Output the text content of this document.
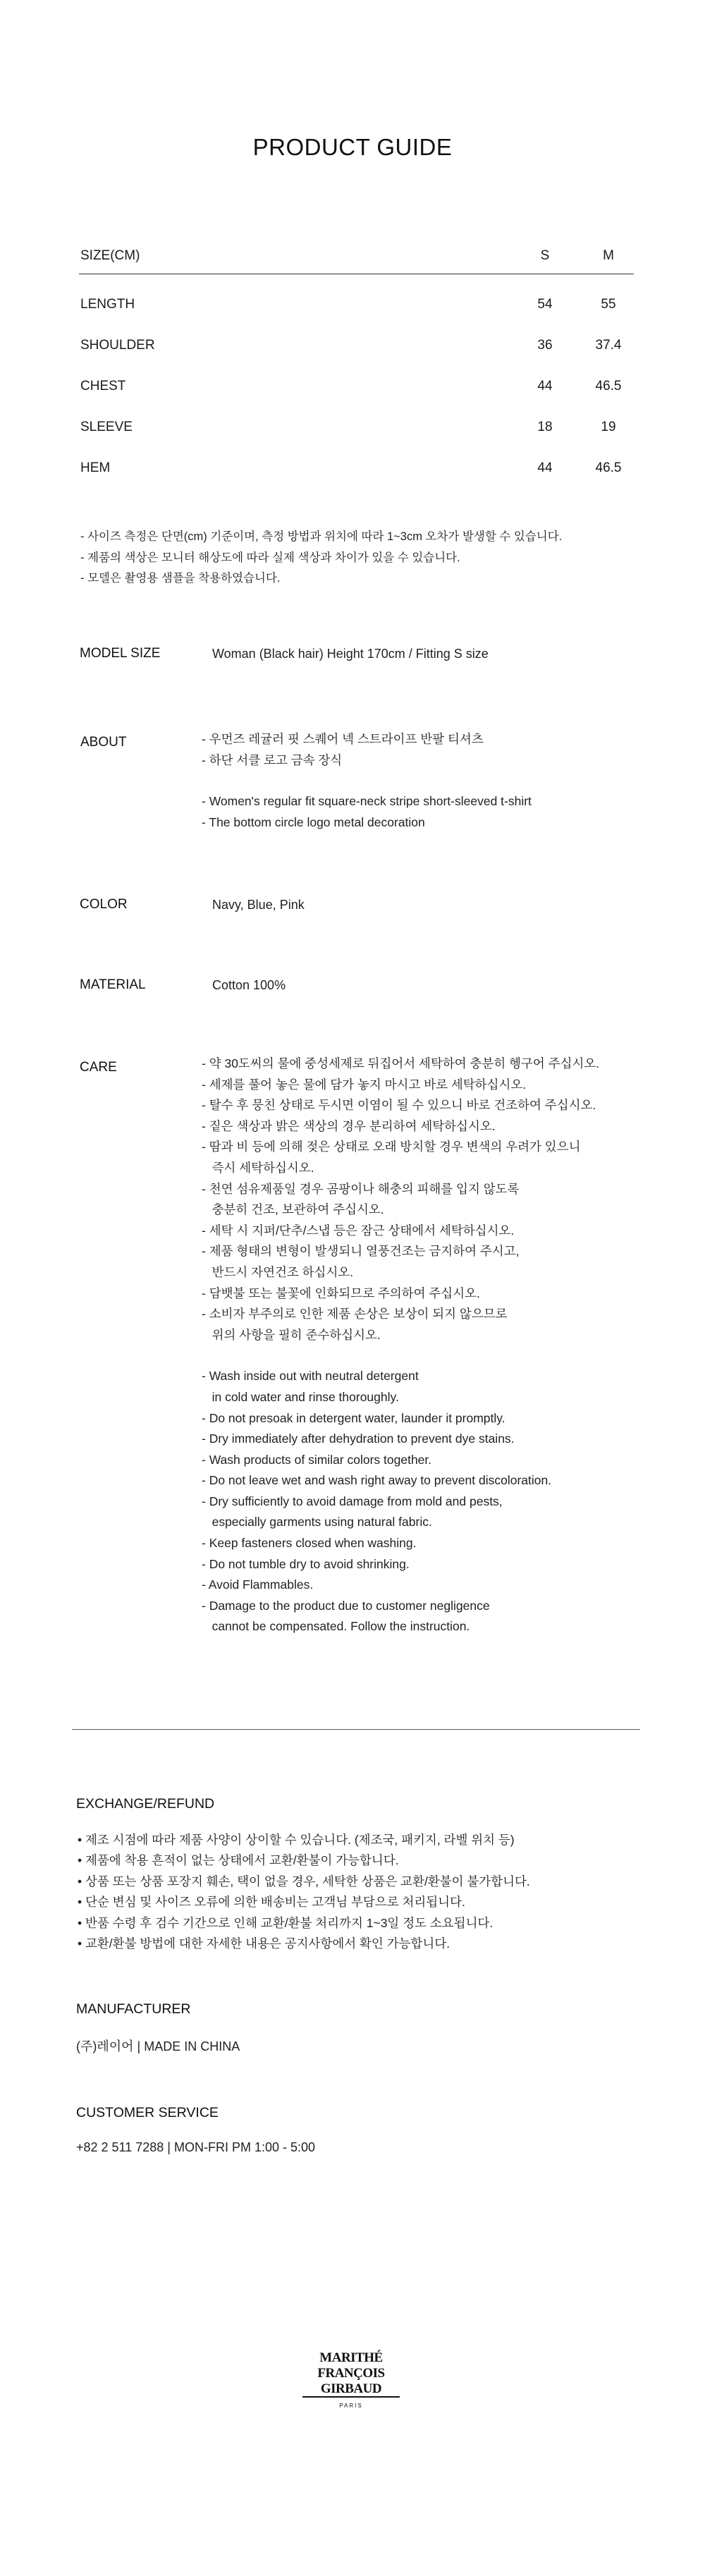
PRODUCT GUIDE
SIZE(CM)	S	M
LENGTH	54	55
SHOULDER	36	37.4
CHEST	44	46.5
SLEEVE	18	19
HEM	44	46.5
- 사이즈 측정은 단면(cm) 기준이며, 측정 방법과 위치에 따라 1~3cm 오차가 발생할 수 있습니다.
- 제품의 색상은 모니터 해상도에 따라 실제 색상과 차이가 있을 수 있습니다.
- 모델은 촬영용 샘플을 착용하였습니다.
MODEL SIZE	Woman (Black hair) Height 170cm / Fitting S size
ABOUT	- 우먼즈 레귤러 핏 스퀘어 넥 스트라이프 반팔 티셔츠
- 하단 서클 로고 금속 장식
- Women's regular fit square-neck stripe short-sleeved t-shirt
- The bottom circle logo metal decoration
COLOR	Navy, Blue, Pink
MATERIAL	Cotton 100%
CARE	- 약 30도씨의 물에 중성세제로 뒤집어서 세탁하여 충분히 헹구어 주십시오.
- 세제를 풀어 놓은 물에 담가 놓지 마시고 바로 세탁하십시오.
- 탈수 후 뭉친 상태로 두시면 이염이 될 수 있으니 바로 건조하여 주십시오.
- 짙은 색상과 밝은 색상의 경우 분리하여 세탁하십시오.
- 땀과 비 등에 의해 젖은 상태로 오래 방치할 경우 변색의 우려가 있으니
즉시 세탁하십시오.
- 천연 섬유제품일 경우 곰팡이나 해충의 피해를 입지 않도록
충분히 건조, 보관하여 주십시오.
- 세탁 시 지퍼/단추/스냅 등은 잠근 상태에서 세탁하십시오.
- 제품 형태의 변형이 발생되니 열풍건조는 금지하여 주시고,
반드시 자연건조 하십시오.
- 담뱃불 또는 불꽃에 인화되므로 주의하여 주십시오.
- 소비자 부주의로 인한 제품 손상은 보상이 되지 않으므로
위의 사항을 필히 준수하십시오.
- Wash inside out with neutral detergent
in cold water and rinse thoroughly.
- Do not presoak in detergent water, launder it promptly.
- Dry immediately after dehydration to prevent dye stains.
- Wash products of similar colors together.
- Do not leave wet and wash right away to prevent discoloration.
- Dry sufficiently to avoid damage from mold and pests,
especially garments using natural fabric.
- Keep fasteners closed when washing.
- Do not tumble dry to avoid shrinking.
- Avoid Flammables.
- Damage to the product due to customer negligence
cannot be compensated. Follow the instruction.
EXCHANGE/REFUND
• 제조 시점에 따라 제품 사양이 상이할 수 있습니다. (제조국, 패키지, 라벨 위치 등)
• 제품에 착용 흔적이 없는 상태에서 교환/환불이 가능합니다.
• 상품 또는 상품 포장지 훼손, 택이 없을 경우, 세탁한 상품은 교환/환불이 불가합니다.
• 단순 변심 및 사이즈 오류에 의한 배송비는 고객님 부담으로 처리됩니다.
• 반품 수령 후 검수 기간으로 인해 교환/환불 처리까지 1~3일 정도 소요됩니다.
• 교환/환불 방법에 대한 자세한 내용은 공지사항에서 확인 가능합니다.
MANUFACTURER
(주)레이어 | MADE IN CHINA
CUSTOMER SERVICE
+82 2 511 7288 | MON-FRI PM 1:00 - 5:00
MARITHÉ
FRANÇOIS
GIRBAUD
PARIS
